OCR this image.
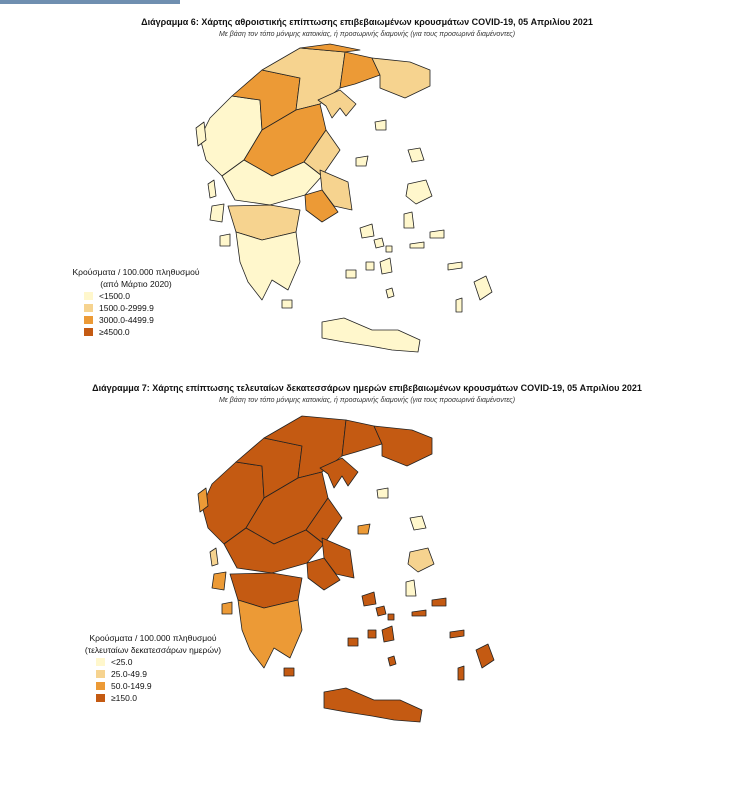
Διάγραμμα 6: Χάρτης αθροιστικής επίπτωσης επιβεβαιωμένων κρουσμάτων COVID-19, 05 Απριλίου 2021
Με βάση τον τόπο μόνιμης κατοικίας, ή προσωρινής διαμονής (για τους προσωρινά διαμένοντες)
Κρούσματα / 100.000 πληθυσμού
(από Μάρτιο 2020)
<1500.0
1500.0-2999.9
3000.0-4499.9
≥4500.0
Διάγραμμα 7: Χάρτης επίπτωσης τελευταίων δεκατεσσάρων ημερών επιβεβαιωμένων κρουσμάτων COVID-19, 05 Απριλίου 2021
Με βάση τον τόπο μόνιμης κατοικίας, ή προσωρινής διαμονής (για τους προσωρινά διαμένοντες)
Κρούσματα / 100.000 πληθυσμού
(τελευταίων δεκατεσσάρων ημερών)
<25.0
25.0-49.9
50.0-149.9
≥150.0
